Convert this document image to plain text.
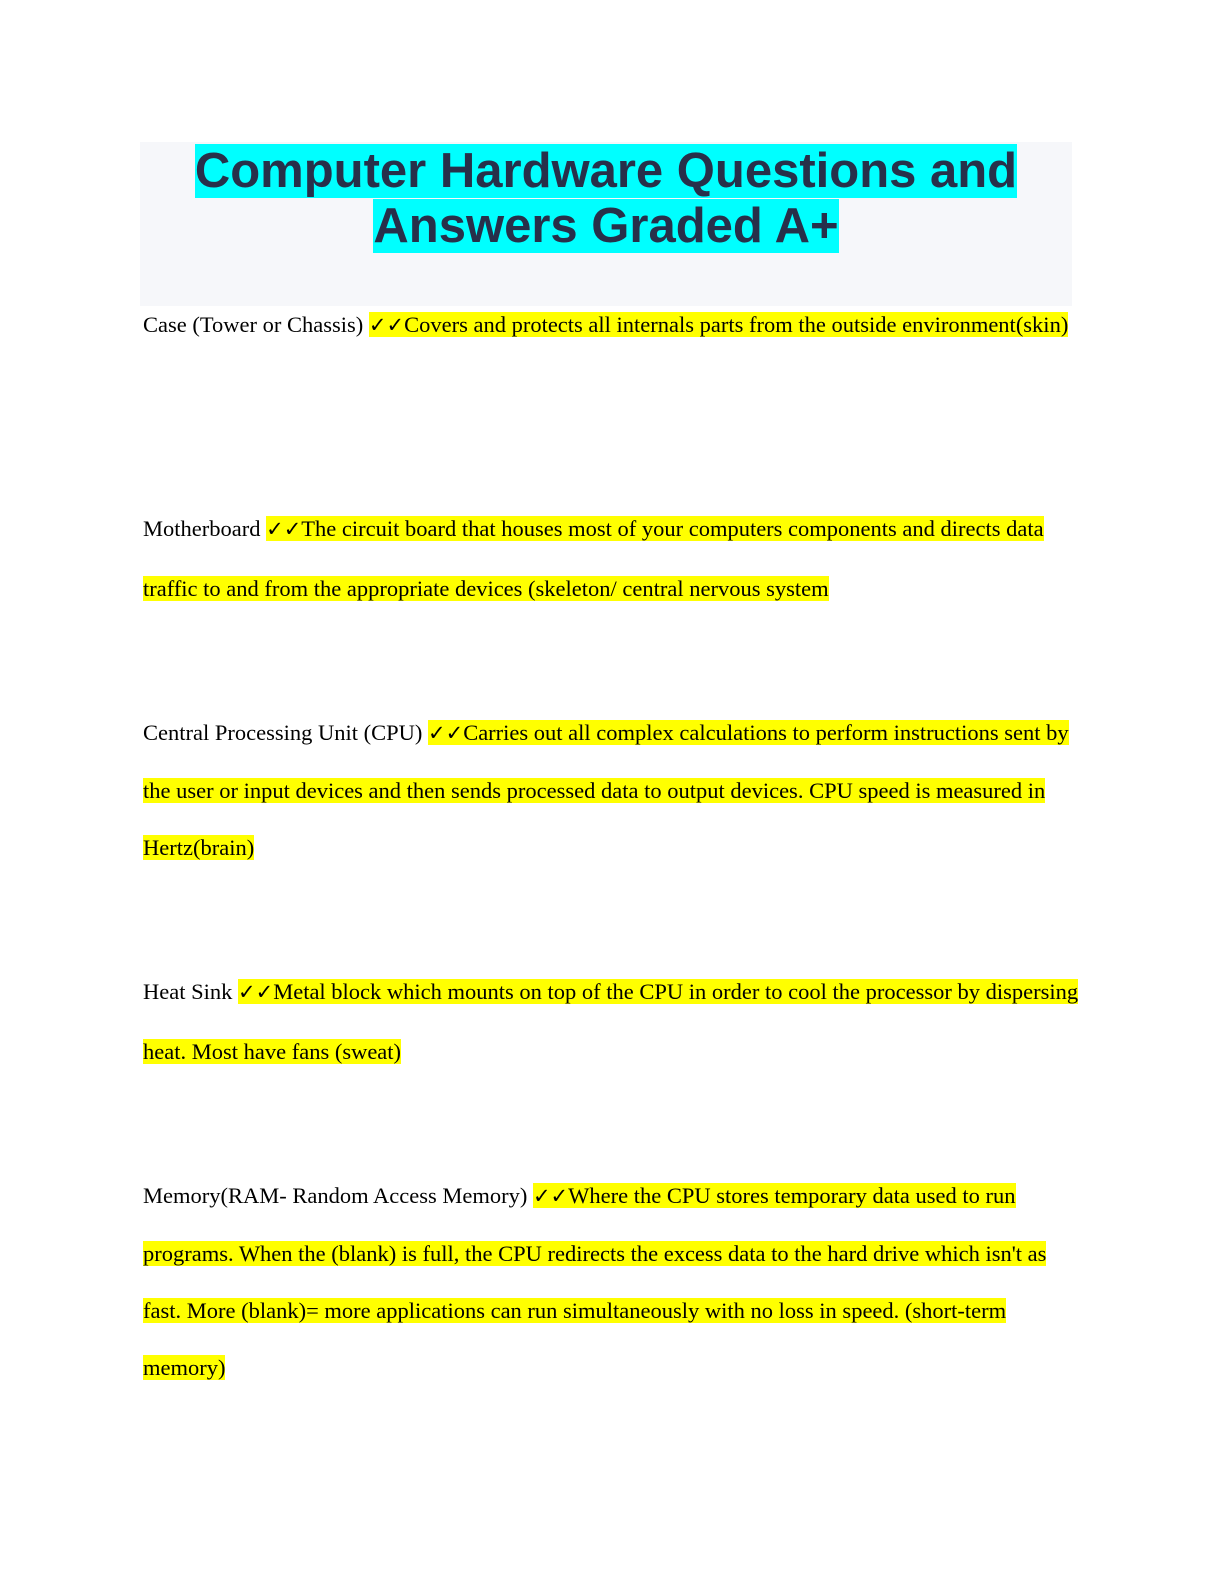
Computer Hardware Questions and
Answers Graded A+

Case (Tower or Chassis) ✓✓Covers and protects all internals parts from the outside environment(skin)

Motherboard ✓✓The circuit board that houses most of your computers components and directs data traffic to and from the appropriate devices (skeleton/ central nervous system

Central Processing Unit (CPU) ✓✓Carries out all complex calculations to perform instructions sent by the user or input devices and then sends processed data to output devices. CPU speed is measured in Hertz(brain)

Heat Sink ✓✓Metal block which mounts on top of the CPU in order to cool the processor by dispersing heat. Most have fans (sweat)

Memory(RAM- Random Access Memory) ✓✓Where the CPU stores temporary data used to run programs. When the (blank) is full, the CPU redirects the excess data to the hard drive which isn't as fast. More (blank)= more applications can run simultaneously with no loss in speed. (short-term memory)
